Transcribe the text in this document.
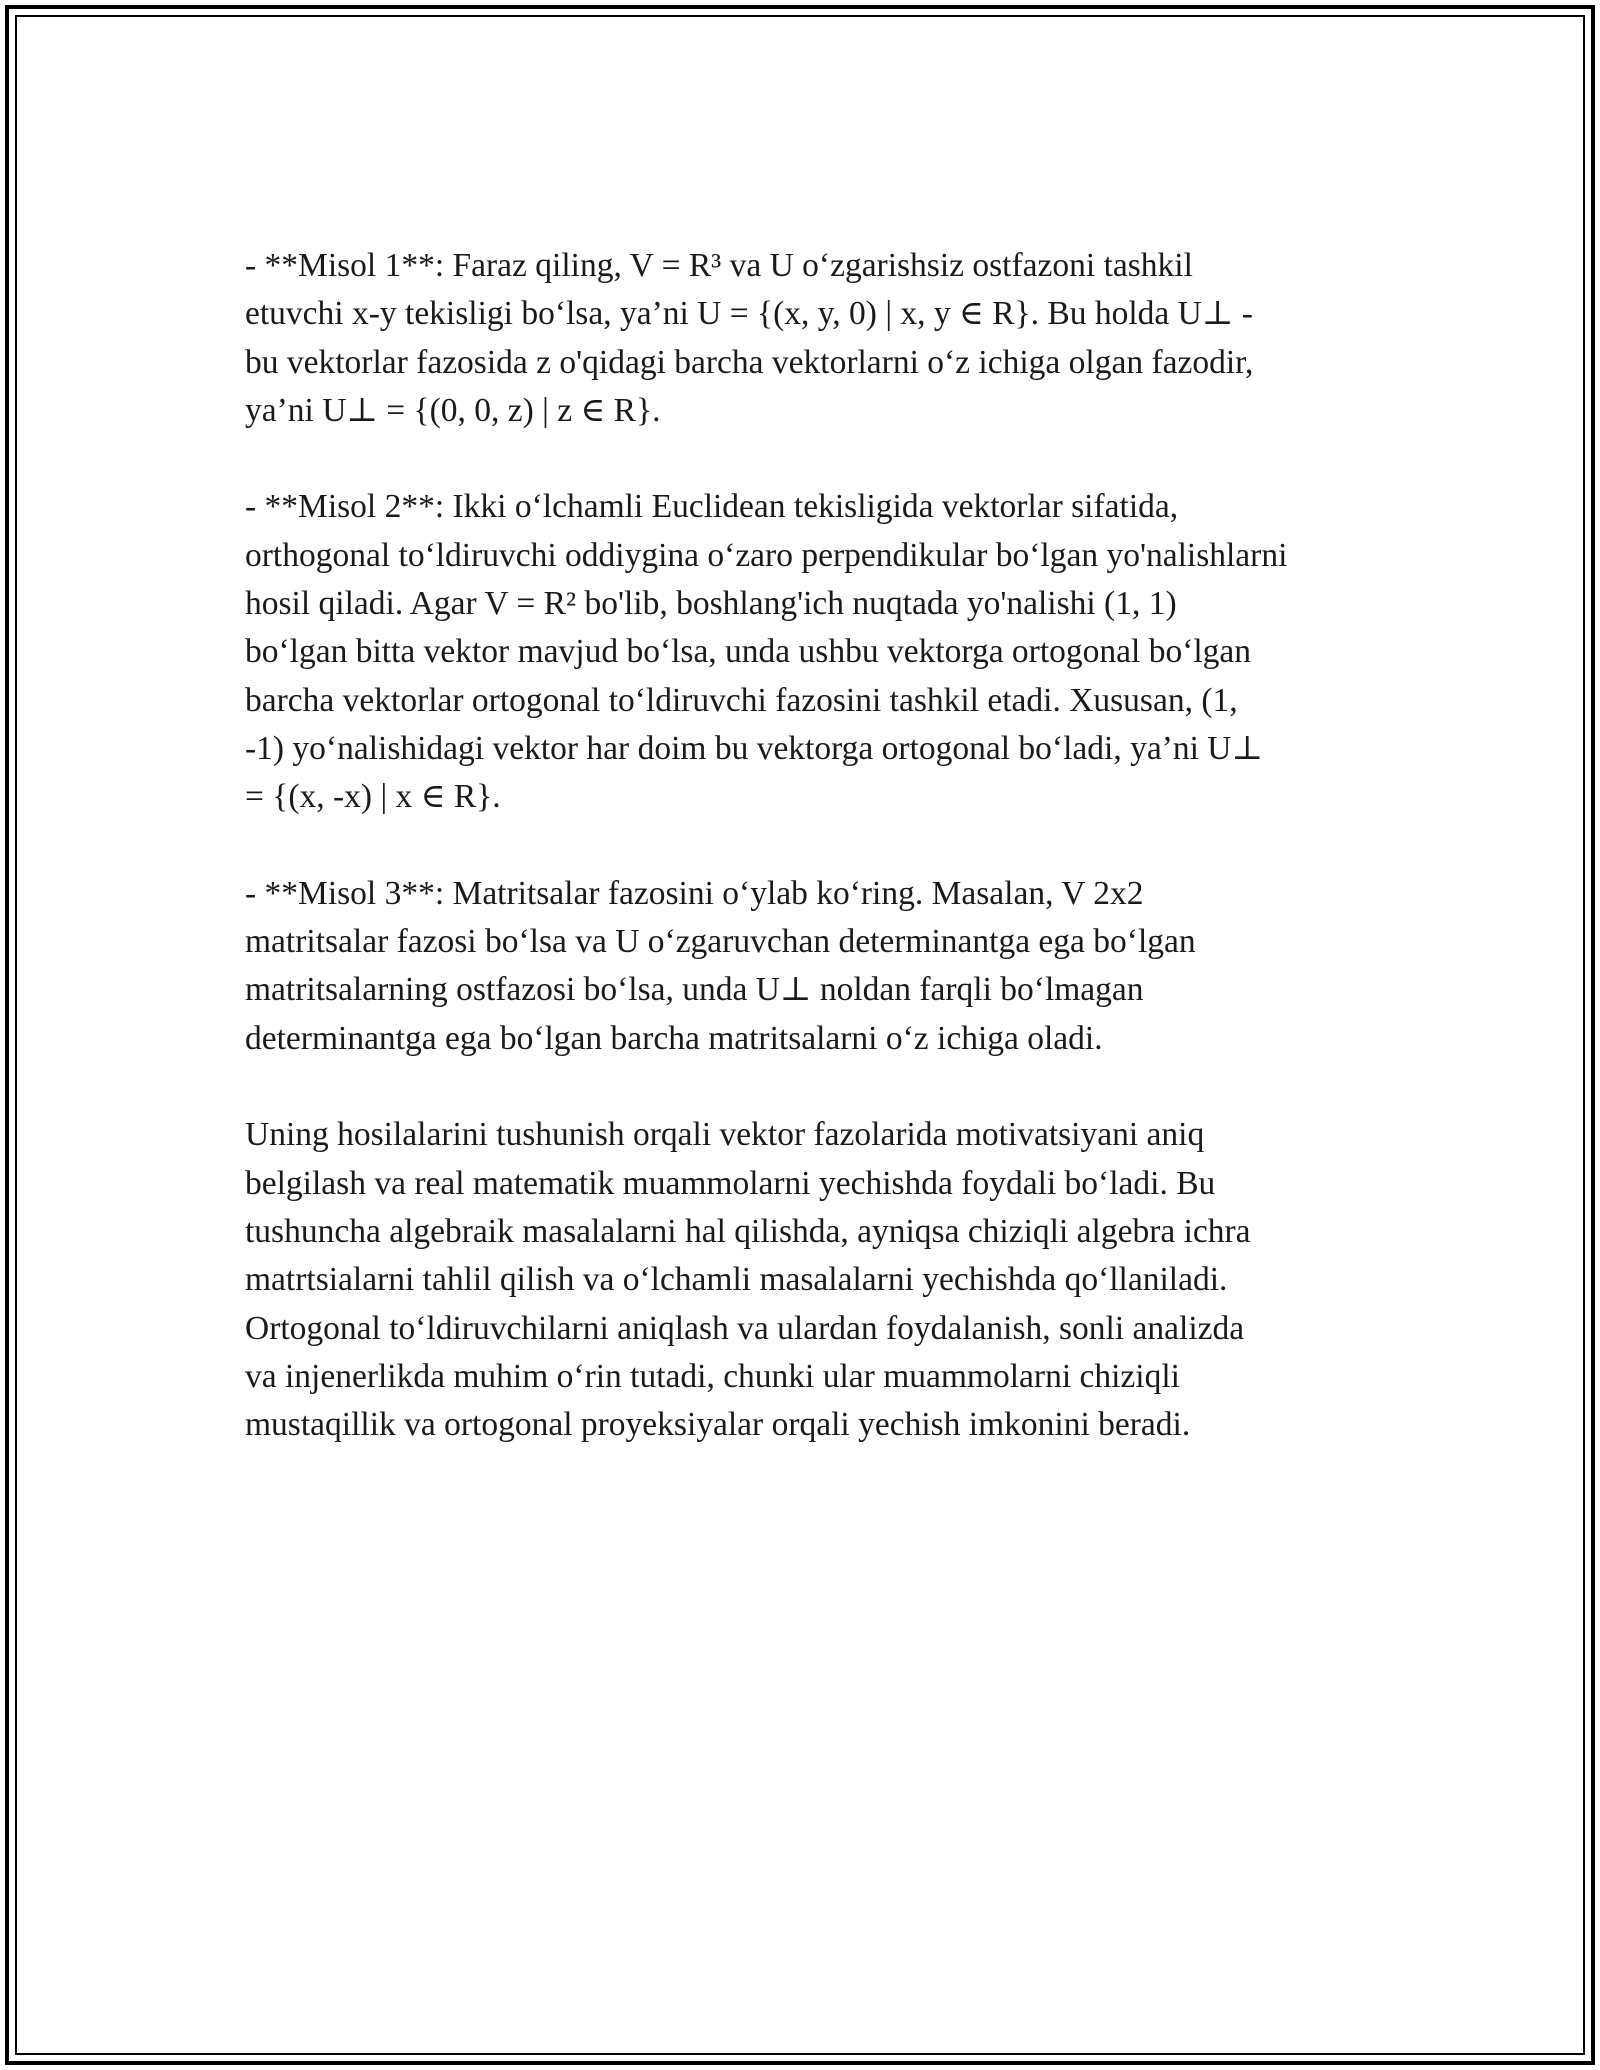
- **Misol 1**: Faraz qiling, V = R³ va U o‘zgarishsiz ostfazoni tashkil
etuvchi x-y tekisligi bo‘lsa, ya’ni U = {(x, y, 0) | x, y ∈ R}. Bu holda U⊥ -
bu vektorlar fazosida z o'qidagi barcha vektorlarni o‘z ichiga olgan fazodir,
ya’ni U⊥ = {(0, 0, z) | z ∈ R}.

- **Misol 2**: Ikki o‘lchamli Euclidean tekisligida vektorlar sifatida,
orthogonal to‘ldiruvchi oddiygina o‘zaro perpendikular bo‘lgan yo'nalishlarni
hosil qiladi. Agar V = R² bo'lib, boshlang'ich nuqtada yo'nalishi (1, 1)
bo‘lgan bitta vektor mavjud bo‘lsa, unda ushbu vektorga ortogonal bo‘lgan
barcha vektorlar ortogonal to‘ldiruvchi fazosini tashkil etadi. Xususan, (1,
-1) yo‘nalishidagi vektor har doim bu vektorga ortogonal bo‘ladi, ya’ni U⊥
= {(x, -x) | x ∈ R}.

- **Misol 3**: Matritsalar fazosini o‘ylab ko‘ring. Masalan, V 2x2
matritsalar fazosi bo‘lsa va U o‘zgaruvchan determinantga ega bo‘lgan
matritsalarning ostfazosi bo‘lsa, unda U⊥ noldan farqli bo‘lmagan
determinantga ega bo‘lgan barcha matritsalarni o‘z ichiga oladi.

Uning hosilalarini tushunish orqali vektor fazolarida motivatsiyani aniq
belgilash va real matematik muammolarni yechishda foydali bo‘ladi. Bu
tushuncha algebraik masalalarni hal qilishda, ayniqsa chiziqli algebra ichra
matrtsialarni tahlil qilish va o‘lchamli masalalarni yechishda qo‘llaniladi.
Ortogonal to‘ldiruvchilarni aniqlash va ulardan foydalanish, sonli analizda
va injenerlikda muhim o‘rin tutadi, chunki ular muammolarni chiziqli
mustaqillik va ortogonal proyeksiyalar orqali yechish imkonini beradi.
